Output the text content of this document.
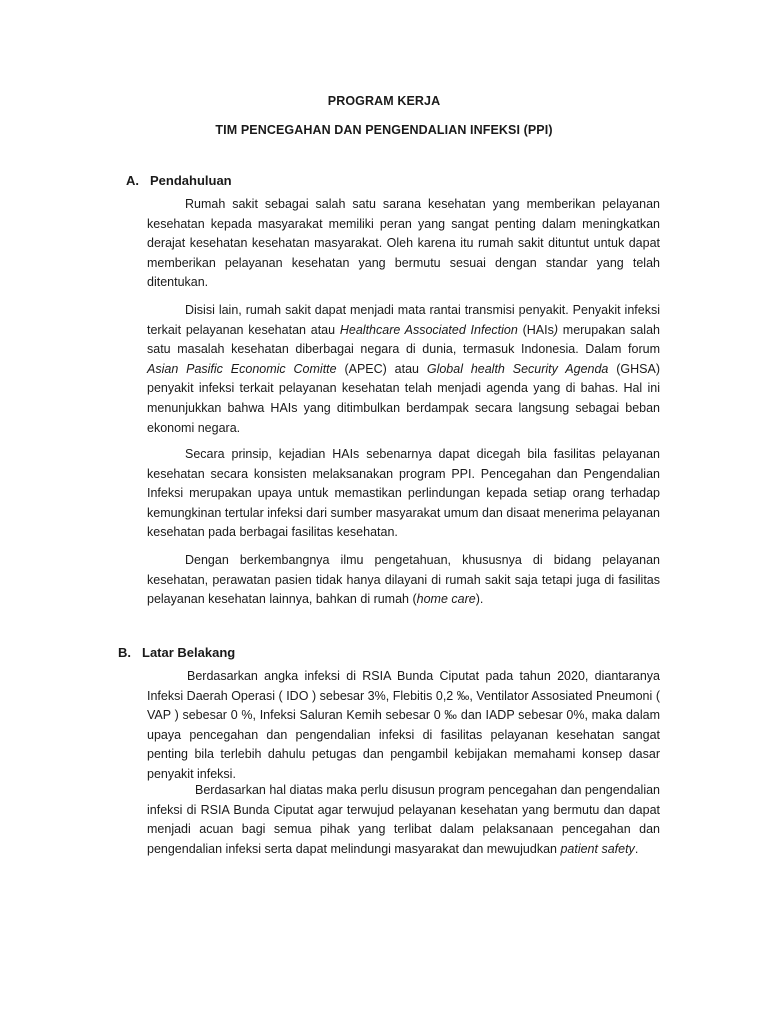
PROGRAM KERJA
TIM PENCEGAHAN DAN PENGENDALIAN INFEKSI (PPI)
A. Pendahuluan

Rumah sakit sebagai salah satu sarana kesehatan yang memberikan pelayanan kesehatan kepada masyarakat memiliki peran yang sangat penting dalam meningkatkan derajat kesehatan kesehatan masyarakat. Oleh karena itu rumah sakit dituntut untuk dapat memberikan pelayanan kesehatan yang bermutu sesuai dengan standar yang telah ditentukan.

Disisi lain, rumah sakit dapat menjadi mata rantai transmisi penyakit. Penyakit infeksi terkait pelayanan kesehatan atau Healthcare Associated Infection (HAIs) merupakan salah satu masalah kesehatan diberbagai negara di dunia, termasuk Indonesia. Dalam forum Asian Pasific Economic Comitte (APEC) atau Global health Security Agenda (GHSA) penyakit infeksi terkait pelayanan kesehatan telah menjadi agenda yang di bahas. Hal ini menunjukkan bahwa HAIs yang ditimbulkan berdampak secara langsung sebagai beban ekonomi negara.

Secara prinsip, kejadian HAIs sebenarnya dapat dicegah bila fasilitas pelayanan kesehatan secara konsisten melaksanakan program PPI. Pencegahan dan Pengendalian Infeksi merupakan upaya untuk memastikan perlindungan kepada setiap orang terhadap kemungkinan tertular infeksi dari sumber masyarakat umum dan disaat menerima pelayanan kesehatan pada berbagai fasilitas kesehatan.

Dengan berkembangnya ilmu pengetahuan, khususnya di bidang pelayanan kesehatan, perawatan pasien tidak hanya dilayani di rumah sakit saja tetapi juga di fasilitas pelayanan kesehatan lainnya, bahkan di rumah (home care).

B. Latar Belakang

Berdasarkan angka infeksi di RSIA Bunda Ciputat pada tahun 2020, diantaranya Infeksi Daerah Operasi ( IDO ) sebesar 3%, Flebitis 0,2 ‰, Ventilator Assosiated Pneumoni ( VAP ) sebesar 0 %, Infeksi Saluran Kemih sebesar 0 ‰ dan IADP sebesar 0%, maka dalam upaya pencegahan dan pengendalian infeksi di fasilitas pelayanan kesehatan sangat penting bila terlebih dahulu petugas dan pengambil kebijakan memahami konsep dasar penyakit infeksi.

Berdasarkan hal diatas maka perlu disusun program pencegahan dan pengendalian infeksi di RSIA Bunda Ciputat agar terwujud pelayanan kesehatan yang bermutu dan dapat menjadi acuan bagi semua pihak yang terlibat dalam pelaksanaan pencegahan dan pengendalian infeksi serta dapat melindungi masyarakat dan mewujudkan patient safety.
